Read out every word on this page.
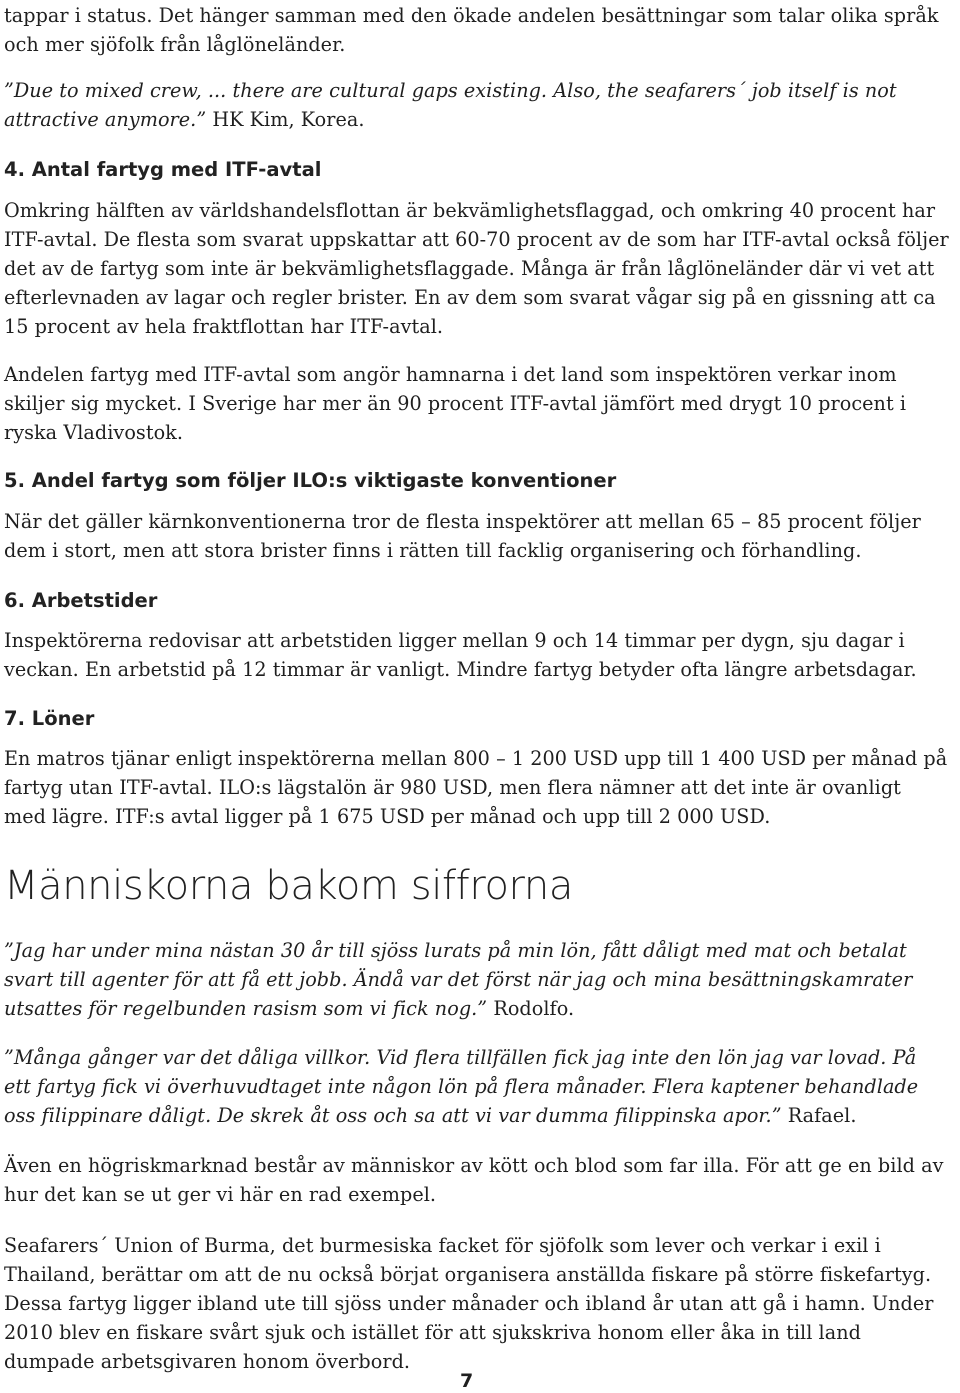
tappar i status. Det hänger samman med den ökade andelen besättningar som talar olika språk och mer sjöfolk från låglöneländer.

”Due to mixed crew, ... there are cultural gaps existing. Also, the seafarers´ job itself is not attractive anymore.” HK Kim, Korea.

4. Antal fartyg med ITF-avtal

Omkring hälften av världshandelsflottan är bekvämlighetsflaggad, och omkring 40 procent har ITF-avtal. De flesta som svarat uppskattar att 60-70 procent av de som har ITF-avtal också följer det av de fartyg som inte är bekvämlighetsflaggade. Många är från låglöneländer där vi vet att efterlevnaden av lagar och regler brister. En av dem som svarat vågar sig på en gissning att ca 15 procent av hela fraktflottan har ITF-avtal.

Andelen fartyg med ITF-avtal som angör hamnarna i det land som inspektören verkar inom skiljer sig mycket. I Sverige har mer än 90 procent ITF-avtal jämfört med drygt 10 procent i ryska Vladivostok.

5. Andel fartyg som följer ILO:s viktigaste konventioner

När det gäller kärnkonventionerna tror de flesta inspektörer att mellan 65 – 85 procent följer dem i stort, men att stora brister finns i rätten till facklig organisering och förhandling.

6. Arbetstider

Inspektörerna redovisar att arbetstiden ligger mellan 9 och 14 timmar per dygn, sju dagar i veckan. En arbetstid på 12 timmar är vanligt. Mindre fartyg betyder ofta längre arbetsdagar.

7. Löner

En matros tjänar enligt inspektörerna mellan 800 – 1 200 USD upp till 1 400 USD per månad på fartyg utan ITF-avtal. ILO:s lägstalön är 980 USD, men flera nämner att det inte är ovanligt med lägre. ITF:s avtal ligger på 1 675 USD per månad och upp till 2 000 USD.

Människorna bakom siffrorna

”Jag har under mina nästan 30 år till sjöss lurats på min lön, fått dåligt med mat och betalat svart till agenter för att få ett jobb. Ändå var det först när jag och mina besättningskamrater utsattes för regelbunden rasism som vi fick nog.” Rodolfo.

”Många gånger var det dåliga villkor. Vid flera tillfällen fick jag inte den lön jag var lovad. På ett fartyg fick vi överhuvudtaget inte någon lön på flera månader. Flera kaptener behandlade oss filippinare dåligt. De skrek åt oss och sa att vi var dumma filippinska apor.” Rafael.

Även en högriskmarknad består av människor av kött och blod som far illa. För att ge en bild av hur det kan se ut ger vi här en rad exempel.

Seafarers´ Union of Burma, det burmesiska facket för sjöfolk som lever och verkar i exil i Thailand, berättar om att de nu också börjat organisera anställda fiskare på större fiskefartyg. Dessa fartyg ligger ibland ute till sjöss under månader och ibland år utan att gå i hamn. Under 2010 blev en fiskare svårt sjuk och istället för att sjukskriva honom eller åka in till land dumpade arbetsgivaren honom överbord.

7
